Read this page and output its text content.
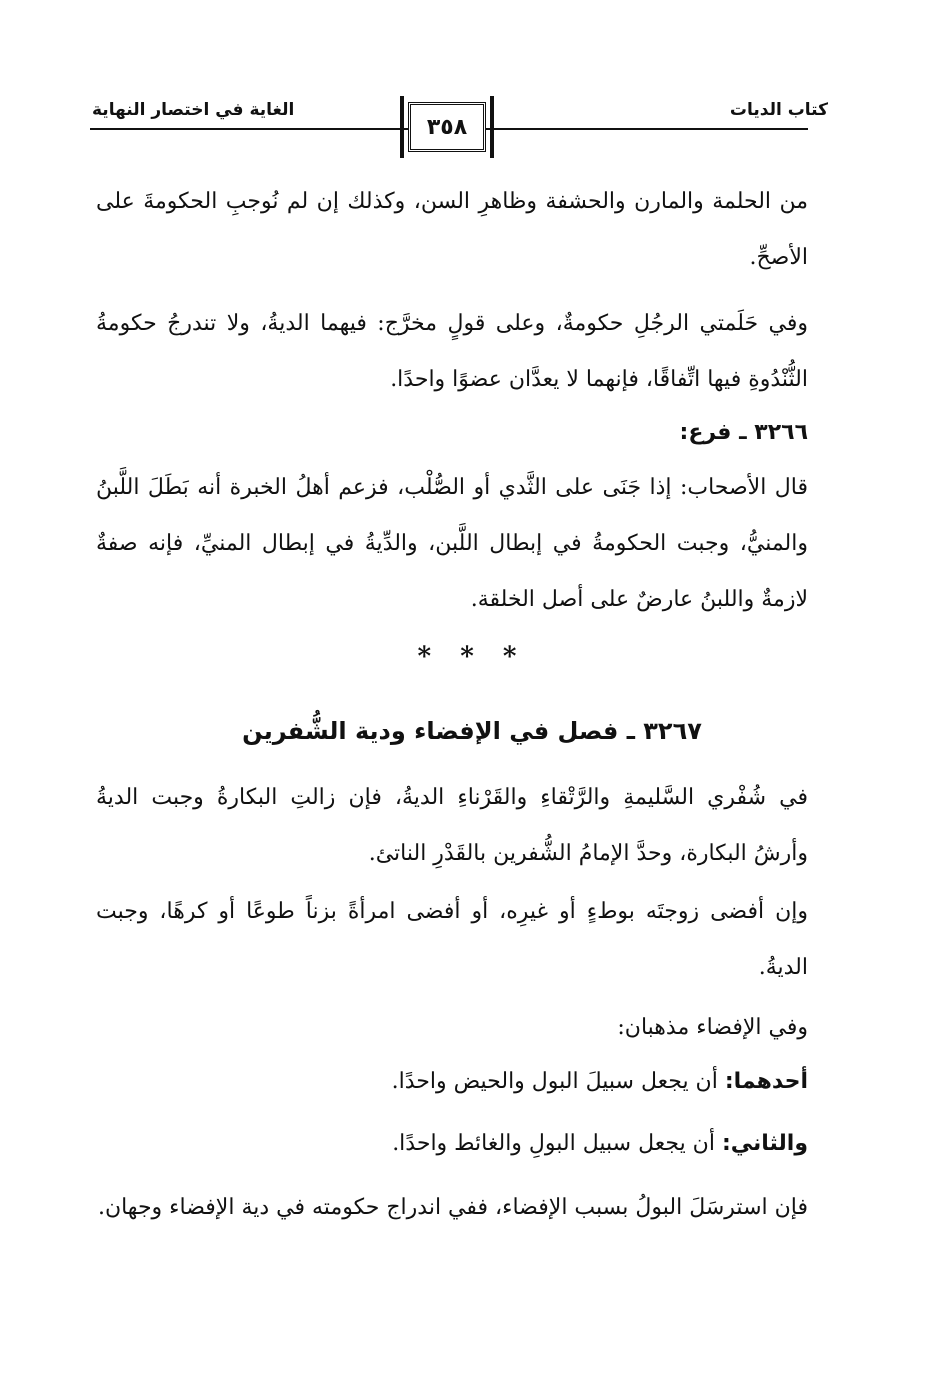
كتاب الديات
الغاية في اختصار النهاية
٣٥٨

من الحلمة والمارن والحشفة وظاهرِ السن، وكذلك إن لم نُوجبِ الحكومةَ على الأصحِّ.

وفي حَلَمتي الرجُلِ حكومةٌ، وعلى قولٍ مخرَّج: فيهما الديةُ، ولا تندرجُ حكومةُ الثُّنْدُوةِ فيها اتِّفاقًا، فإنهما لا يعدَّان عضوًا واحدًا.

٣٢٦٦ ـ فرع:

قال الأصحاب: إذا جَنَى على الثَّدي أو الصُّلْب، فزعم أهلُ الخبرة أنه بَطَلَ اللَّبنُ والمنيُّ، وجبت الحكومةُ في إبطال اللَّبن، والدِّيةُ في إبطال المنيِّ، فإنه صفةٌ لازمةٌ واللبنُ عارضٌ على أصل الخلقة.

* * *

٣٢٦٧ ـ فصل في الإفضاء ودية الشُّفرين

في شُفْري السَّليمةِ والرَّتْقاءِ والقَرْناءِ الديةُ، فإن زالتِ البكارةُ وجبت الديةُ وأرشُ البكارة، وحدَّ الإمامُ الشُّفرين بالقَدْرِ الناتئ.

وإن أفضى زوجتَه بوطءٍ أو غيرِه، أو أفضى امرأةً بزناً طوعًا أو كرهًا، وجبت الديةُ.

وفي الإفضاء مذهبان:

أحدهما: أن يجعل سبيلَ البول والحيض واحدًا.

والثاني: أن يجعل سبيل البولِ والغائط واحدًا.

فإن استرسَلَ البولُ بسبب الإفضاء، ففي اندراج حكومته في دية الإفضاء وجهان.
